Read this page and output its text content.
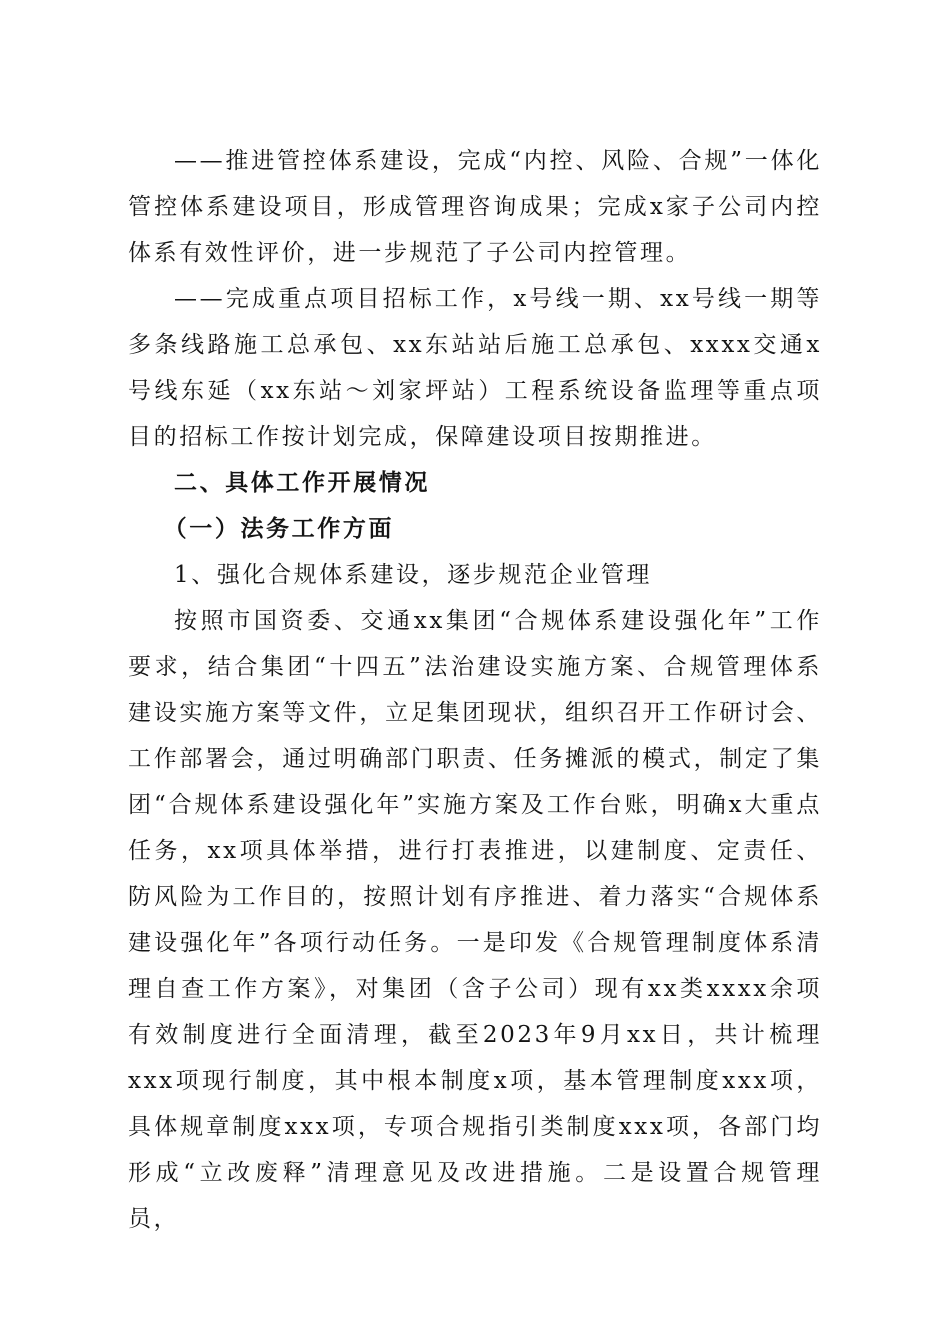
——推进管控体系建设，完成“内控、风险、合规”一体化管控体系建设项目，形成管理咨询成果；完成x家子公司内控体系有效性评价，进一步规范了子公司内控管理。

——完成重点项目招标工作，x号线一期、xx号线一期等多条线路施工总承包、xx东站站后施工总承包、xxxx交通x号线东延（xx东站～刘家坪站）工程系统设备监理等重点项目的招标工作按计划完成，保障建设项目按期推进。

二、具体工作开展情况

（一）法务工作方面

1、强化合规体系建设，逐步规范企业管理

按照市国资委、交通xx集团“合规体系建设强化年”工作要求，结合集团“十四五”法治建设实施方案、合规管理体系建设实施方案等文件，立足集团现状，组织召开工作研讨会、工作部署会，通过明确部门职责、任务摊派的模式，制定了集团“合规体系建设强化年”实施方案及工作台账，明确x大重点任务，xx项具体举措，进行打表推进，以建制度、定责任、防风险为工作目的，按照计划有序推进、着力落实“合规体系建设强化年”各项行动任务。一是印发《合规管理制度体系清理自查工作方案》，对集团（含子公司）现有xx类xxxx余项有效制度进行全面清理，截至2023年9月xx日，共计梳理xxx项现行制度，其中根本制度x项，基本管理制度xxx项，具体规章制度xxx项，专项合规指引类制度xxx项，各部门均形成“立改废释”清理意见及改进措施。二是设置合规管理员，
